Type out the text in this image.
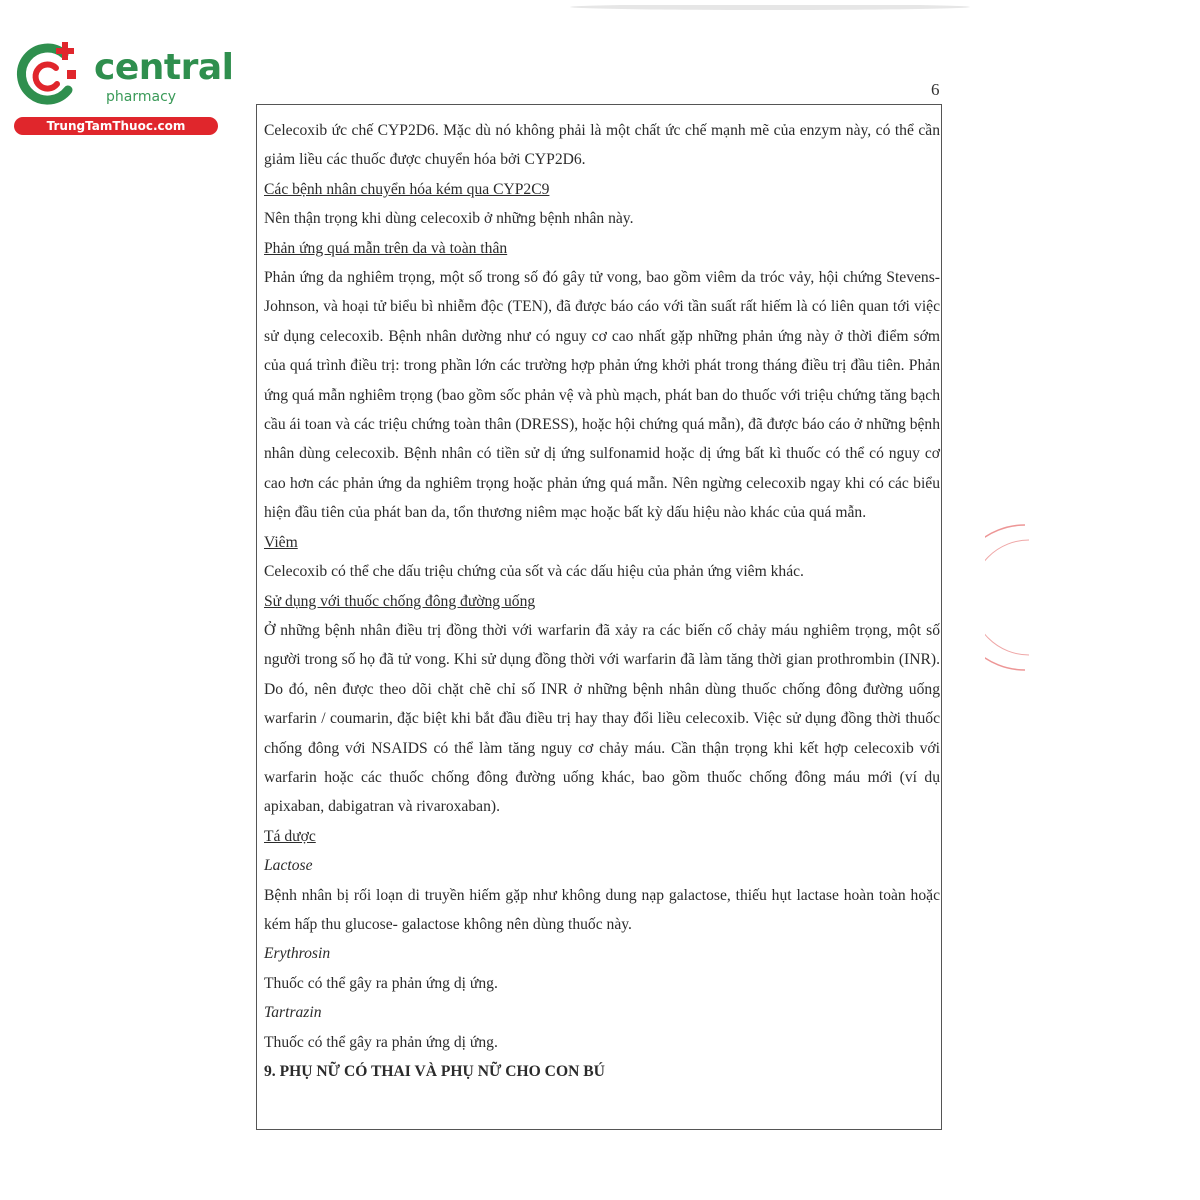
central
pharmacy
TrungTamThuoc.com
6

Celecoxib ức chế CYP2D6. Mặc dù nó không phải là một chất ức chế mạnh mẽ của enzym này, có thể cần giảm liều các thuốc được chuyển hóa bởi CYP2D6.

Các bệnh nhân chuyển hóa kém qua CYP2C9

Nên thận trọng khi dùng celecoxib ở những bệnh nhân này.

Phản ứng quá mẫn trên da và toàn thân

Phản ứng da nghiêm trọng, một số trong số đó gây tử vong, bao gồm viêm da tróc vảy, hội chứng Stevens-Johnson, và hoại tử biểu bì nhiễm độc (TEN), đã được báo cáo với tần suất rất hiếm là có liên quan tới việc sử dụng celecoxib. Bệnh nhân dường như có nguy cơ cao nhất gặp những phản ứng này ở thời điểm sớm của quá trình điều trị: trong phần lớn các trường hợp phản ứng khởi phát trong tháng điều trị đầu tiên. Phản ứng quá mẫn nghiêm trọng (bao gồm sốc phản vệ và phù mạch, phát ban do thuốc với triệu chứng tăng bạch cầu ái toan và các triệu chứng toàn thân (DRESS), hoặc hội chứng quá mẫn), đã được báo cáo ở những bệnh nhân dùng celecoxib. Bệnh nhân có tiền sử dị ứng sulfonamid hoặc dị ứng bất kì thuốc có thể có nguy cơ cao hơn các phản ứng da nghiêm trọng hoặc phản ứng quá mẫn. Nên ngừng celecoxib ngay khi có các biểu hiện đầu tiên của phát ban da, tổn thương niêm mạc hoặc bất kỳ dấu hiệu nào khác của quá mẫn.

Viêm

Celecoxib có thể che dấu triệu chứng của sốt và các dấu hiệu của phản ứng viêm khác.

Sử dụng với thuốc chống đông đường uống

Ở những bệnh nhân điều trị đồng thời với warfarin đã xảy ra các biến cố chảy máu nghiêm trọng, một số người trong số họ đã tử vong. Khi sử dụng đồng thời với warfarin đã làm tăng thời gian prothrombin (INR). Do đó, nên được theo dõi chặt chẽ chỉ số INR ở những bệnh nhân dùng thuốc chống đông đường uống warfarin / coumarin, đặc biệt khi bắt đầu điều trị hay thay đổi liều celecoxib. Việc sử dụng đồng thời thuốc chống đông với NSAIDS có thể làm tăng nguy cơ chảy máu. Cần thận trọng khi kết hợp celecoxib với warfarin hoặc các thuốc chống đông đường uống khác, bao gồm thuốc chống đông máu mới (ví dụ apixaban, dabigatran và rivaroxaban).

Tá dược

Lactose

Bệnh nhân bị rối loạn di truyền hiếm gặp như không dung nạp galactose, thiếu hụt lactase hoàn toàn hoặc kém hấp thu glucose- galactose không nên dùng thuốc này.

Erythrosin

Thuốc có thể gây ra phản ứng dị ứng.

Tartrazin

Thuốc có thể gây ra phản ứng dị ứng.

9. PHỤ NỮ CÓ THAI VÀ PHỤ NỮ CHO CON BÚ
